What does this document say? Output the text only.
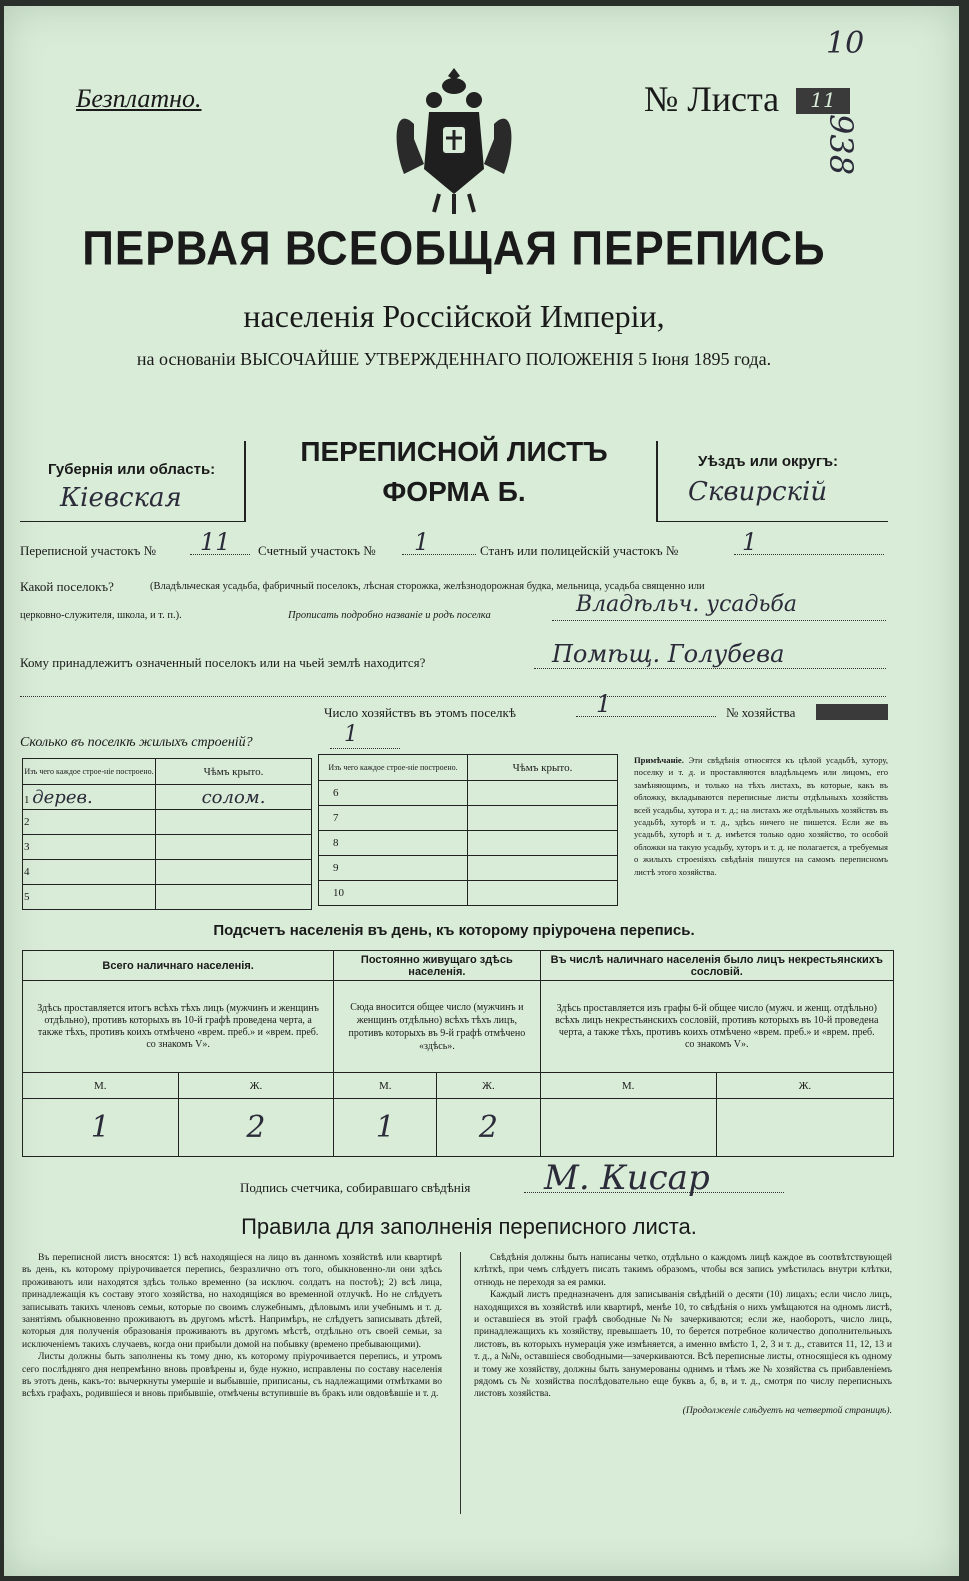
10
938
Безплатно.	№ Листа	11
ПЕРВАЯ ВСЕОБЩАЯ ПЕРЕПИСЬ
населенія Россійской Имперіи,
на основаніи ВЫСОЧАЙШЕ УТВЕРЖДЕННАГО ПОЛОЖЕНІЯ 5 Іюня 1895 года.
Губернія или область:
Кіевская
ПЕРЕПИСНОЙ ЛИСТЪ
ФОРМА Б.
Уѣздъ или округъ:
Сквирскій
Переписной участокъ № 11 Счетный участокъ № 1	Станъ или полицейскій участокъ №	1
Какой поселокъ?	(Владѣльческая усадьба, фабричный поселокъ, лѣсная сторожка, желѣзнодорожная будка, мельница, усадьба священно или
церковно-служителя, школа, и т. п.).	Прописать подробно названіе и родъ поселка	Владѣльч. усадьба
Кому принадлежитъ означенный поселокъ или на чьей землѣ находится?	Помѣщ. Голубева
Число хозяйствъ въ этомъ поселкѣ	1	№ хозяйства
Сколько въ поселкѣ жилыхъ строеній?	1
Изъ чего каждое строе-ніе построено.	Чѣмъ крыто.
1 дерев.	солом.
2	
3	
4	
5	
Изъ чего каждое строе-ніе построено.	Чѣмъ крыто.
6	
7	
8	
9	
10	
Примѣчаніе. Эти свѣдѣнія относятся къ цѣлой усадьбѣ, хутору, поселку и т. д. и проставляются владѣльцемъ или лицомъ, его замѣняющимъ, и только на тѣхъ листахъ, въ которые, какъ въ обложку, вкладываются переписные листы отдѣльныхъ хозяйствъ всей усадьбы, хутора и т. д.; на листахъ же отдѣльныхъ хозяйствъ въ усадьбѣ, хуторѣ и т. д., здѣсь ничего не пишется. Если же въ усадьбѣ, хуторѣ и т. д. имѣется только одно хозяйство, то особой обложки на такую усадьбу, хуторъ и т. д. не полагается, а требуемыя о жилыхъ строеніяхъ свѣдѣнія пишутся на самомъ переписномъ листѣ этого хозяйства.
Подсчетъ населенія въ день, къ которому пріурочена перепись.
Всего наличнаго населенія.		Постоянно живущаго здѣсь населенія.		Въ числѣ наличнаго населенія было лицъ некрестьянскихъ сословій.	
Здѣсь проставляется итогъ всѣхъ тѣхъ лицъ (мужчинъ и женщинъ отдѣльно), противъ которыхъ въ 10-й графѣ проведена черта, а также тѣхъ, противъ коихъ отмѣчено «врем. преб.» и «врем. преб. со знакомъ V».		Сюда вносится общее число (мужчинъ и женщинъ отдѣльно) всѣхъ тѣхъ лицъ, противъ которыхъ въ 9-й графѣ отмѣчено «здѣсь».		Здѣсь проставляется изъ графы 6-й общее число (мужч. и женщ. отдѣльно) всѣхъ лицъ некрестьянскихъ сословій, противъ которыхъ въ 10-й проведена черта, а также тѣхъ, противъ коихъ отмѣчено «врем. преб.» и «врем. преб. со знакомъ V».	
М.	Ж.	М.	Ж.	М.	Ж.
1	2	1	2		
Подпись счетчика, собиравшаго свѣдѣнія М. Кисар
Правила для заполненія переписного листа.
Въ переписной листъ вносятся: 1) всѣ находящіеся на лицо въ данномъ хозяйствѣ или квартирѣ въ день, къ которому пріурочивается перепись, безразлично отъ того, обыкновенно-ли они здѣсь проживаютъ или находятся здѣсь только временно (за исключ. солдатъ на постоѣ); 2) всѣ лица, принадлежащія къ составу этого хозяйства, но находящіяся во временной отлучкѣ. Но не слѣдуетъ записывать такихъ членовъ семьи, которые по своимъ служебнымъ, дѣловымъ или учебнымъ и т. д. занятіямъ обыкновенно проживаютъ въ другомъ мѣстѣ. Напримѣръ, не слѣдуетъ записывать дѣтей, которыя для полученія образованія проживаютъ въ другомъ мѣстѣ, отдѣльно отъ своей семьи, за исключеніемъ такихъ случаевъ, когда они прибыли домой на побывку (времено пребывающими).
Листы должны быть заполнены къ тому дню, къ которому пріурочивается перепись, и утромъ сего послѣдняго дня непремѣнно вновь провѣрены и, буде нужно, исправлены по составу населенія въ этотъ день, какъ-то: вычеркнуты умершіе и выбывшіе, приписаны, съ надлежащими отмѣтками во всѣхъ графахъ, родившіеся и вновь прибывшіе, отмѣчены вступившіе въ бракъ или овдовѣвшіе и т. д.
Свѣдѣнія должны быть написаны четко, отдѣльно о каждомъ лицѣ каждое въ соотвѣтствующей клѣткѣ, при чемъ слѣдуетъ писать такимъ образомъ, чтобы вся запись умѣстилась внутри клѣтки, отнюдь не переходя за ея рамки.
Каждый листъ предназначенъ для записыванія свѣдѣній о десяти (10) лицахъ; если число лицъ, находящихся въ хозяйствѣ или квартирѣ, менѣе 10, то свѣдѣнія о нихъ умѣщаются на одномъ листѣ, и оставшіеся въ этой графѣ свободные №№ зачеркиваются; если же, наоборотъ, число лицъ, принадлежащихъ къ хозяйству, превышаетъ 10, то берется потребное количество дополнительныхъ листовъ, въ которыхъ нумерація уже измѣняется, а именно вмѣсто 1, 2, 3 и т. д., ставится 11, 12, 13 и т. д., а №№, оставшіеся свободными—зачеркиваются. Всѣ переписные листы, относящіеся къ одному и тому же хозяйству, должны быть занумерованы однимъ и тѣмъ же № хозяйства съ прибавленіемъ рядомъ съ № хозяйства послѣдовательно еще буквъ а, б, в, и т. д., смотря по числу переписныхъ листовъ хозяйства.
(Продолженіе слѣдуетъ на четвертой страницѣ).
